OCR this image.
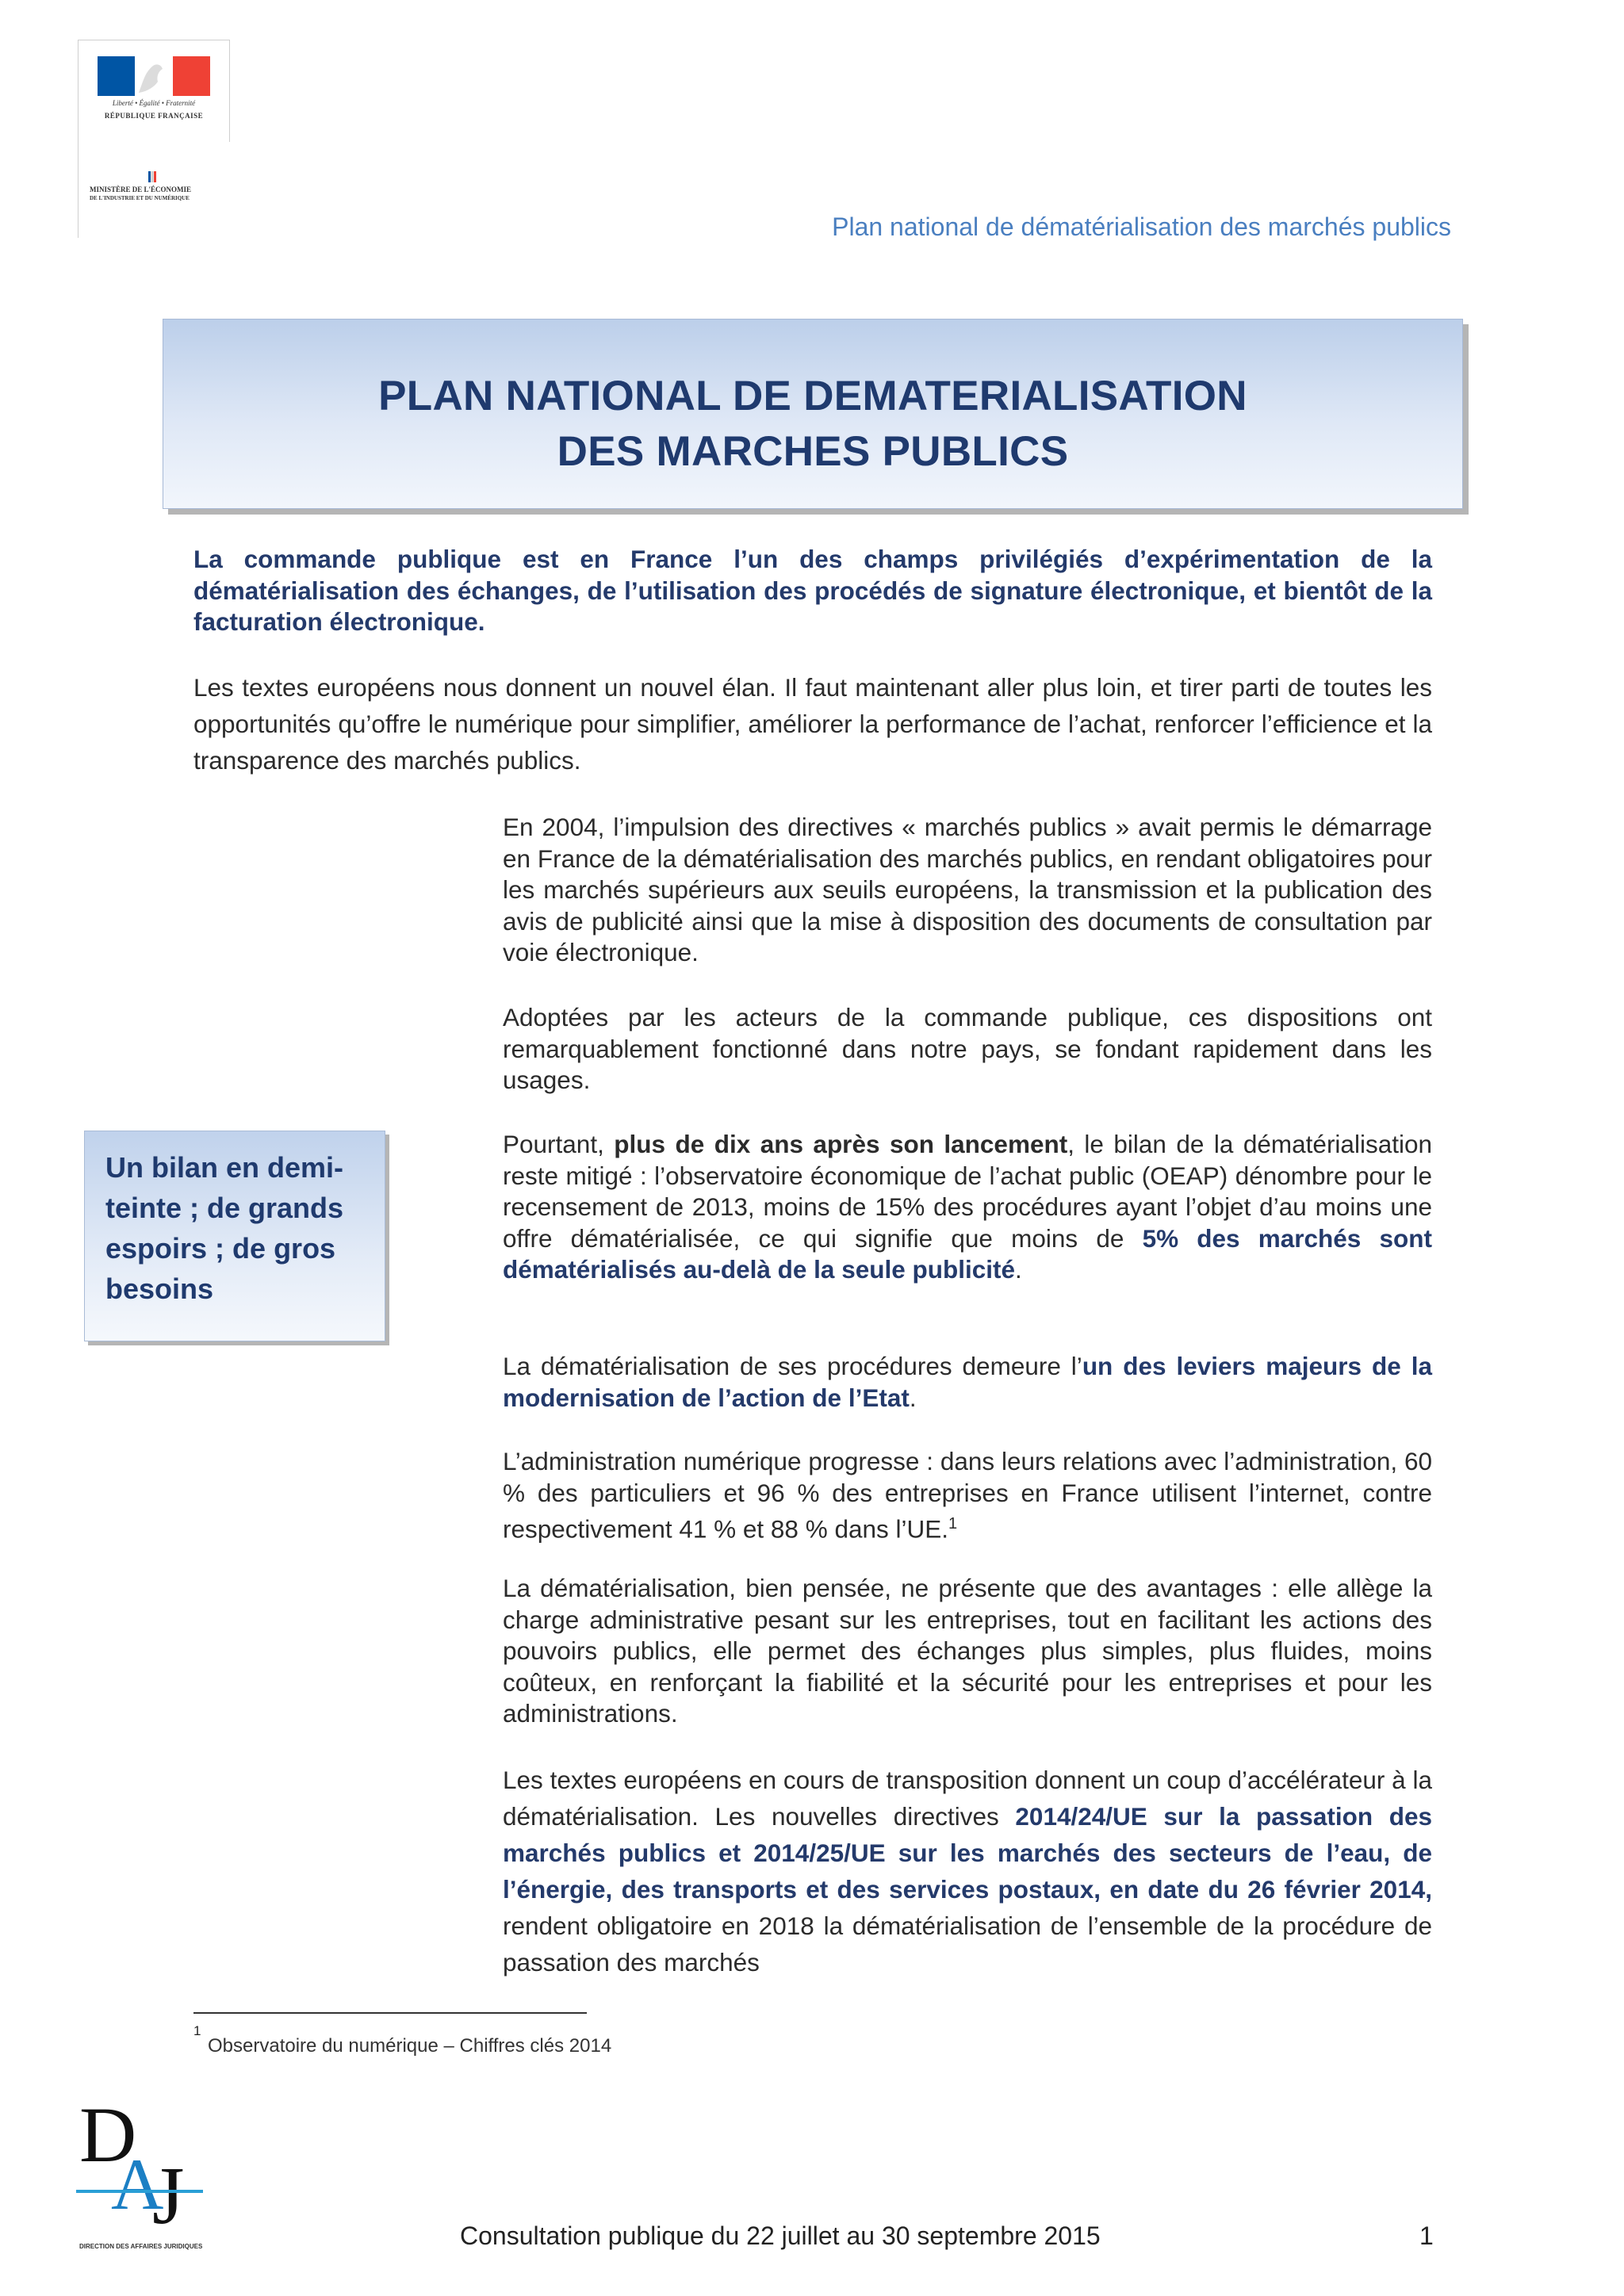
Liberté • Égalité • Fraternité
RÉPUBLIQUE FRANÇAISE
MINISTÈRE DE L'ÉCONOMIE
DE L'INDUSTRIE ET DU NUMÉRIQUE
Plan national de dématérialisation des marchés publics
PLAN NATIONAL DE DEMATERIALISATION
DES MARCHES PUBLICS
La commande publique est en France l’un des champs privilégiés d’expérimentation de la dématérialisation des échanges, de l’utilisation des procédés de signature électronique, et bientôt de la facturation électronique.
Les textes européens nous donnent un nouvel élan. Il faut maintenant aller plus loin, et tirer parti de toutes les opportunités qu’offre le numérique pour simplifier, améliorer la performance de l’achat, renforcer l’efficience et la transparence des marchés publics.
En 2004, l’impulsion des directives « marchés publics » avait permis le démarrage en France de la dématérialisation des marchés publics, en rendant obligatoires pour les marchés supérieurs aux seuils européens, la transmission et la publication des avis de publicité ainsi que la mise à disposition des documents de consultation par voie électronique.
Adoptées par les acteurs de la commande publique, ces dispositions ont remarquablement fonctionné dans notre pays, se fondant rapidement dans les usages.
Pourtant, plus de dix ans après son lancement, le bilan de la dématérialisation reste mitigé : l’observatoire économique de l’achat public (OEAP) dénombre pour le recensement de 2013, moins de 15% des procédures ayant l’objet d’au moins une offre dématérialisée, ce qui signifie que moins de 5% des marchés sont dématérialisés au-delà de la seule publicité.
La dématérialisation de ses procédures demeure l’un des leviers majeurs de la modernisation de l’action de l’Etat.
L’administration numérique progresse : dans leurs relations avec l’administration, 60 % des particuliers et 96 % des entreprises en France utilisent l’internet, contre respectivement 41 % et 88 % dans l’UE.$^1$
La dématérialisation, bien pensée, ne présente que des avantages : elle allège la charge administrative pesant sur les entreprises, tout en facilitant les actions des pouvoirs publics, elle permet des échanges plus simples, plus fluides, moins coûteux, en renforçant la fiabilité et la sécurité pour les entreprises et pour les administrations.
Les textes européens en cours de transposition donnent un coup d’accélérateur à la dématérialisation. Les nouvelles directives 2014/24/UE sur la passation des marchés publics et 2014/25/UE sur les marchés des secteurs de l’eau, de l’énergie, des transports et des services postaux, en date du 26 février 2014, rendent obligatoire en 2018 la dématérialisation de l’ensemble de la procédure de passation des marchés
Un bilan en demi-teinte ; de grands espoirs ; de gros besoins
1
Observatoire du numérique – Chiffres clés 2014
D
A
J
DIRECTION DES AFFAIRES JURIDIQUES	Consultation publique du 22 juillet au 30 septembre 2015	1
